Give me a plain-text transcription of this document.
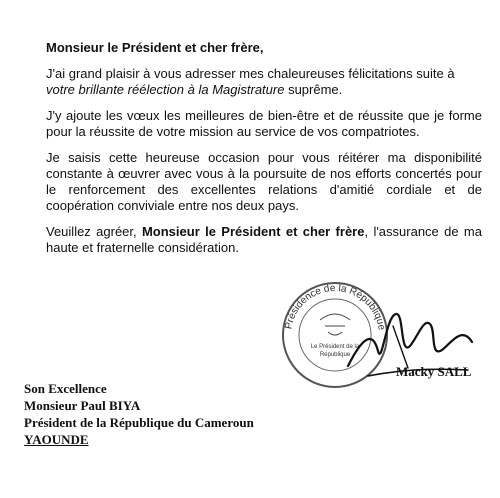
Monsieur le Président et cher frère,

J'ai grand plaisir à vous adresser mes chaleureuses félicitations suite à
votre brillante réélection à la Magistrature suprême.

J'y ajoute les vœux les meilleures de bien-être et de réussite que je forme pour la réussite de votre mission au service de vos compatriotes.

Je saisis cette heureuse occasion pour vous réitérer ma disponibilité constante à œuvrer avec vous à la poursuite de nos efforts concertés pour le renforcement des excellentes relations d'amitié cordiale et de coopération conviviale entre nos deux pays.

Veuillez agréer, Monsieur le Président et cher frère, l'assurance de ma haute et fraternelle considération.

Présidence de la République
Le Président de la
République
Macky SALL
Son Excellence
Monsieur Paul BIYA
Président de la République du Cameroun
YAOUNDE
